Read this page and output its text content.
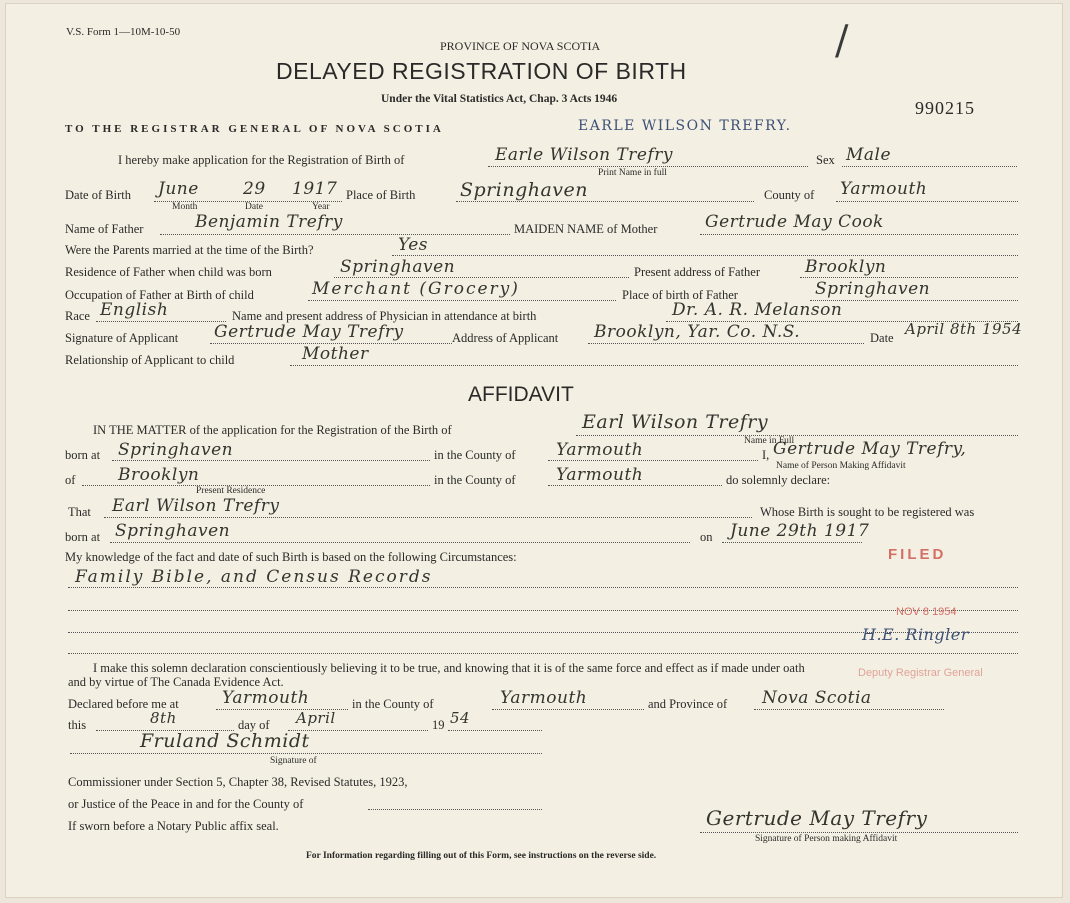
V.S. Form 1—10M-10-50	/
PROVINCE OF NOVA SCOTIA
DELAYED REGISTRATION OF BIRTH
Under the Vital Statistics Act, Chap. 3 Acts 1946	990215
TO THE REGISTRAR GENERAL OF NOVA SCOTIA	EARLE WILSON TREFRY.
I hereby make application for the Registration of Birth of	Earle Wilson Trefry
Print Name in full
Sex Male
Date of Birth June	29 1917
Month	Date	Year
Place of Birth Springhaven	County of Yarmouth
Name of Father	Benjamin Trefry	MAIDEN NAME of Mother	Gertrude May Cook
Were the Parents married at the time of the Birth?	Yes
Residence of Father when child was born	Springhaven	Present address of Father	Brooklyn
Occupation of Father at Birth of child	Merchant (Grocery)	Place of birth of Father	Springhaven
Race English	Name and present address of Physician in attendance at birth	Dr. A. R. Melanson
Signature of Applicant Gertrude May Trefry	Address of Applicant Brooklyn, Yar. Co. N.S.	Date April 8th 1954
Relationship of Applicant to child	Mother
AFFIDAVIT
IN THE MATTER of the application for the Registration of the Birth of	Earl Wilson Trefry
Name in Full
born at Springhaven	in the County of Yarmouth	I, Gertrude May Trefry,
Name of Person Making Affidavit
of	Brooklyn
Present Residence
in the County of Yarmouth	do solemnly declare:
That Earl Wilson Trefry	Whose Birth is sought to be registered was
born at Springhaven	on June 29th 1917
My knowledge of the fact and date of such Birth is based on the following Circumstances:
Family Bible, and Census Records
FILED
NOV 8 1954
H.E. Ringler
Deputy Registrar General
I make this solemn declaration conscientiously believing it to be true, and knowing that it is of the same force and effect as if made under oath
and by virtue of The Canada Evidence Act.
Declared before me at	Yarmouth	in the County of	Yarmouth	and Province of Nova Scotia
this	8th	day of April	19 54
Fruland Schmidt
Signature of
Commissioner under Section 5, Chapter 38, Revised Statutes, 1923,
or Justice of the Peace in and for the County of
If sworn before a Notary Public affix seal.	Gertrude May Trefry
Signature of Person making Affidavit
For Information regarding filling out of this Form, see instructions on the reverse side.
